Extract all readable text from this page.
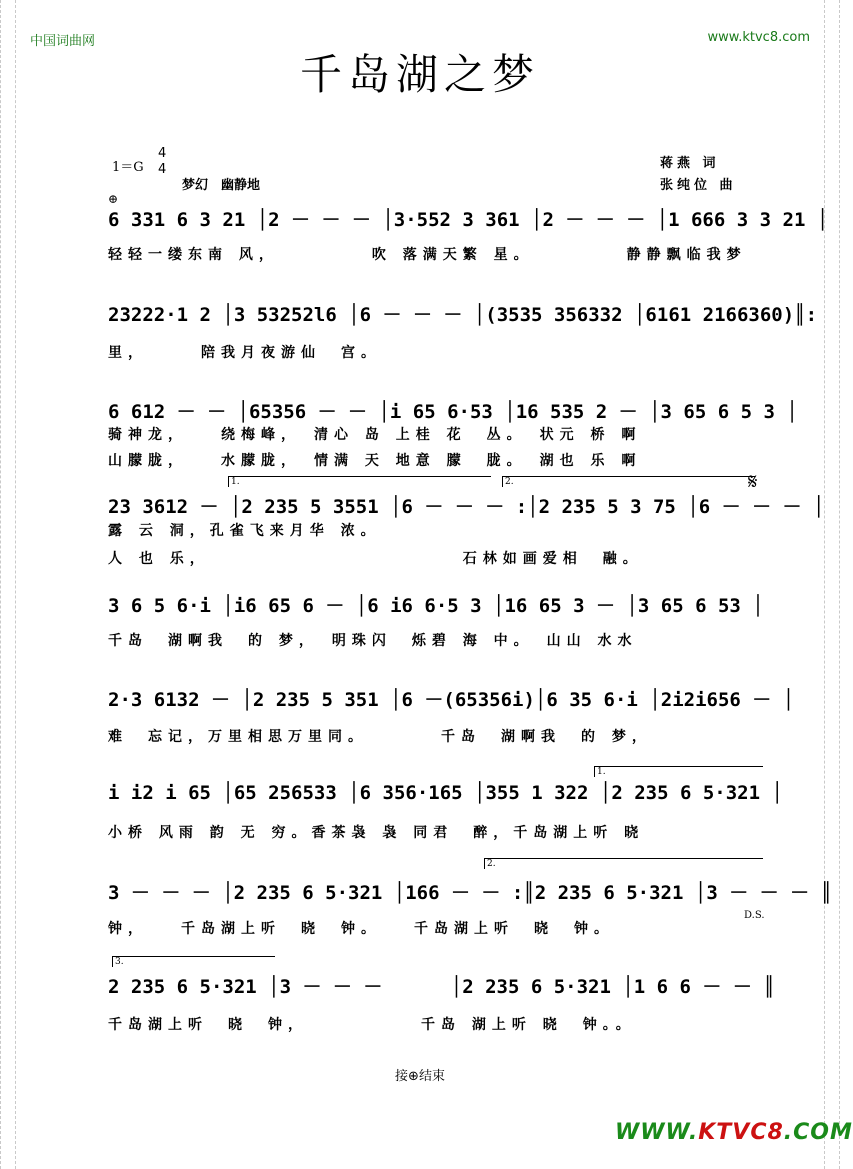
中国词曲网	www.ktvc8.com
千岛湖之梦
1＝G
4
4
梦幻　幽静地
蒋燕 词
张纯位 曲
⊕
6 331 6 3 21 │2 － － － │3·552 3 361 │2 － － － │1 666 3 3 21 │
轻轻一缕东南 风，　　　　　吹 落满天繁 星。　　　　　静静飘临我梦
23222·1 2 │3 53252l6 │6 － － － │(3535 356332 │6161 2166360)║:
里，　　　陪我月夜游仙　宫。
6 612 － － │65356 － － │i 65 6·53 │16 535 2 － │3 65 6 5 3 │
骑神龙，　　绕梅峰，　清心 岛 上桂 花　丛。　状元 桥 啊
山朦胧，　　水朦胧，　情满 天 地意 朦　胧。　湖也 乐 啊
1.	2.	𝄋
23 3612 － │2 235 5 3551 │6 － － － :│2 235 5 3 75 │6 － － － │
露 云 洞，孔雀飞来月华 浓。
人 也 乐，　　　　　　　　　　　　　石林如画爱相　融。
3 6 5 6·i │i6 65 6 － │6 i6 6·5 3 │16 65 3 － │3 65 6 53 │
千岛　湖啊我　的 梦，　明珠闪　烁碧 海 中。　山山 水水
2·3 6132 － │2 235 5 351 │6 －(65356i)│6 35 6·i │2i2i656 － │
难　忘记，万里相思万里同。　　　　千岛　湖啊我　的 梦，
1.
i i2 i 65 │65 256533 │6 356·165 │355 1 322 │2 235 6 5·321 │
小桥 风雨 韵 无 穷。香茶袅 袅 同君　醉，千岛湖上听 晓
2.
3 － － － │2 235 6 5·321 │166 － － :║2 235 6 5·321 │3 － － － ║
D.S.
钟，　　千岛湖上听　晓　钟。　　千岛湖上听　晓　钟。
3.
2 235 6 5·321 │3 － － －　　　 │2 235 6 5·321 │1 6 6 － － ║
千岛湖上听　晓　钟，　　　　　　千岛 湖上听 晓　钟。。
接⊕结束
WWW.KTVC8.COM
